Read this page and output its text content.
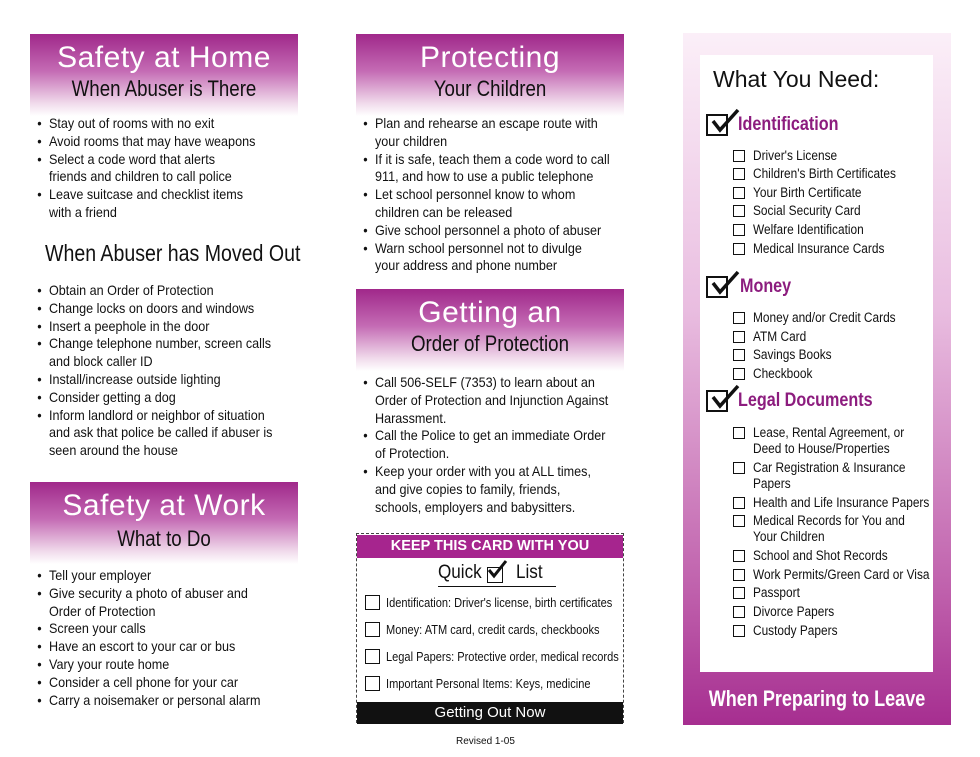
Safety at Home
When Abuser is There
• Stay out of rooms with no exit
• Avoid rooms that may have weapons
• Select a code word that alerts friends and children to call police
• Leave suitcase and checklist items with a friend
When Abuser has Moved Out
• Obtain an Order of Protection
• Change locks on doors and windows
• Insert a peephole in the door
• Change telephone number, screen calls and block caller ID
• Install/increase outside lighting
• Consider getting a dog
• Inform landlord or neighbor of situation and ask that police be called if abuser is seen around the house
Safety at Work
What to Do
• Tell your employer
• Give security a photo of abuser and Order of Protection
• Screen your calls
• Have an escort to your car or bus
• Vary your route home
• Consider a cell phone for your car
• Carry a noisemaker or personal alarm
Protecting
Your Children
• Plan and rehearse an escape route with your children
• If it is safe, teach them a code word to call 911, and how to use a public telephone
• Let school personnel know to whom children can be released
• Give school personnel a photo of abuser
• Warn school personnel not to divulge your address and phone number
Getting an
Order of Protection
• Call 506-SELF (7353) to learn about an Order of Protection and Injunction Against Harassment.
• Call the Police to get an immediate Order of Protection.
• Keep your order with you at ALL times, and give copies to family, friends, schools, employers and babysitters.
KEEP THIS CARD WITH YOU
Quick List
Identification: Driver's license, birth certificates
Money: ATM card, credit cards, checkbooks
Legal Papers: Protective order, medical records
Important Personal Items: Keys, medicine
Getting Out Now
Revised 1-05
What You Need:
Identification
Driver's License
Children's Birth Certificates
Your Birth Certificate
Social Security Card
Welfare Identification
Medical Insurance Cards
Money
Money and/or Credit Cards
ATM Card
Savings Books
Checkbook
Legal Documents
Lease, Rental Agreement, or
Deed to House/Properties
Car Registration & Insurance
Papers
Health and Life Insurance Papers
Medical Records for You and
Your Children
School and Shot Records
Work Permits/Green Card or Visa
Passport
Divorce Papers
Custody Papers
When Preparing to Leave
